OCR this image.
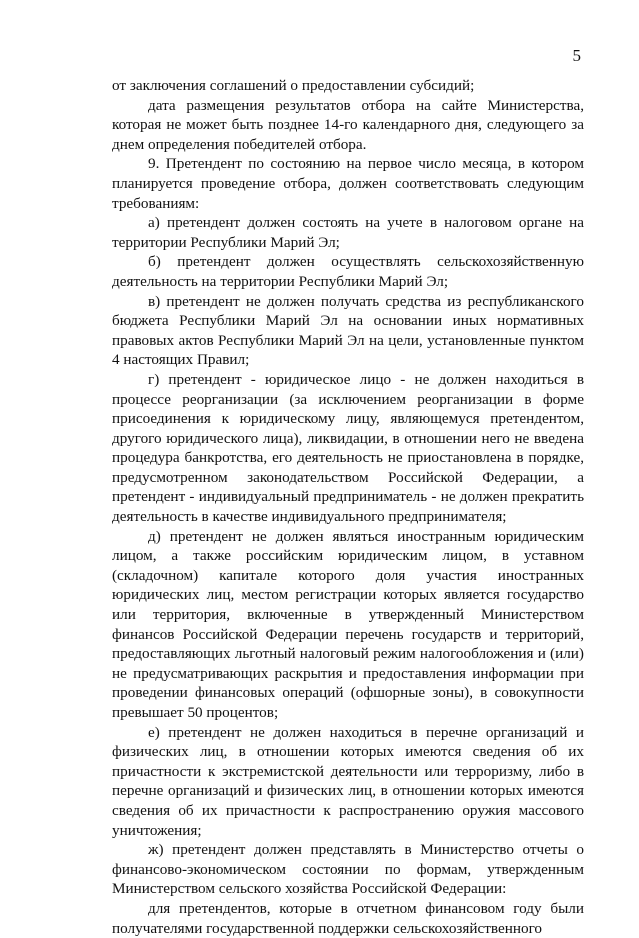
5

от заключения соглашений о предоставлении субсидий;

дата размещения результатов отбора на сайте Министерства, которая не может быть позднее 14-го календарного дня, следующего за днем определения победителей отбора.

9. Претендент по состоянию на первое число месяца, в котором планируется проведение отбора, должен соответствовать следующим требованиям:

а) претендент должен состоять на учете в налоговом органе на территории Республики Марий Эл;

б) претендент должен осуществлять сельскохозяйственную деятельность на территории Республики Марий Эл;

в) претендент не должен получать средства из республиканского бюджета Республики Марий Эл на основании иных нормативных правовых актов Республики Марий Эл на цели, установленные пунктом 4 настоящих Правил;

г) претендент - юридическое лицо - не должен находиться в процессе реорганизации (за исключением реорганизации в форме присоединения к юридическому лицу, являющемуся претендентом, другого юридического лица), ликвидации, в отношении него не введена процедура банкротства, его деятельность не приостановлена в порядке, предусмотренном законодательством Российской Федерации, а претендент - индивидуальный предприниматель - не должен прекратить деятельность в качестве индивидуального предпринимателя;

д) претендент не должен являться иностранным юридическим лицом, а также российским юридическим лицом, в уставном (складочном) капитале которого доля участия иностранных юридических лиц, местом регистрации которых является государство или территория, включенные в утвержденный Министерством финансов Российской Федерации перечень государств и территорий, предоставляющих льготный налоговый режим налогообложения и (или) не предусматривающих раскрытия и предоставления информации при проведении финансовых операций (офшорные зоны), в совокупности превышает 50 процентов;

е) претендент не должен находиться в перечне организаций и физических лиц, в отношении которых имеются сведения об их причастности к экстремистской деятельности или терроризму, либо в перечне организаций и физических лиц, в отношении которых имеются сведения об их причастности к распространению оружия массового уничтожения;

ж) претендент должен представлять в Министерство отчеты о финансово-экономическом состоянии по формам, утвержденным Министерством сельского хозяйства Российской Федерации:

для претендентов, которые в отчетном финансовом году были получателями государственной поддержки сельскохозяйственного
